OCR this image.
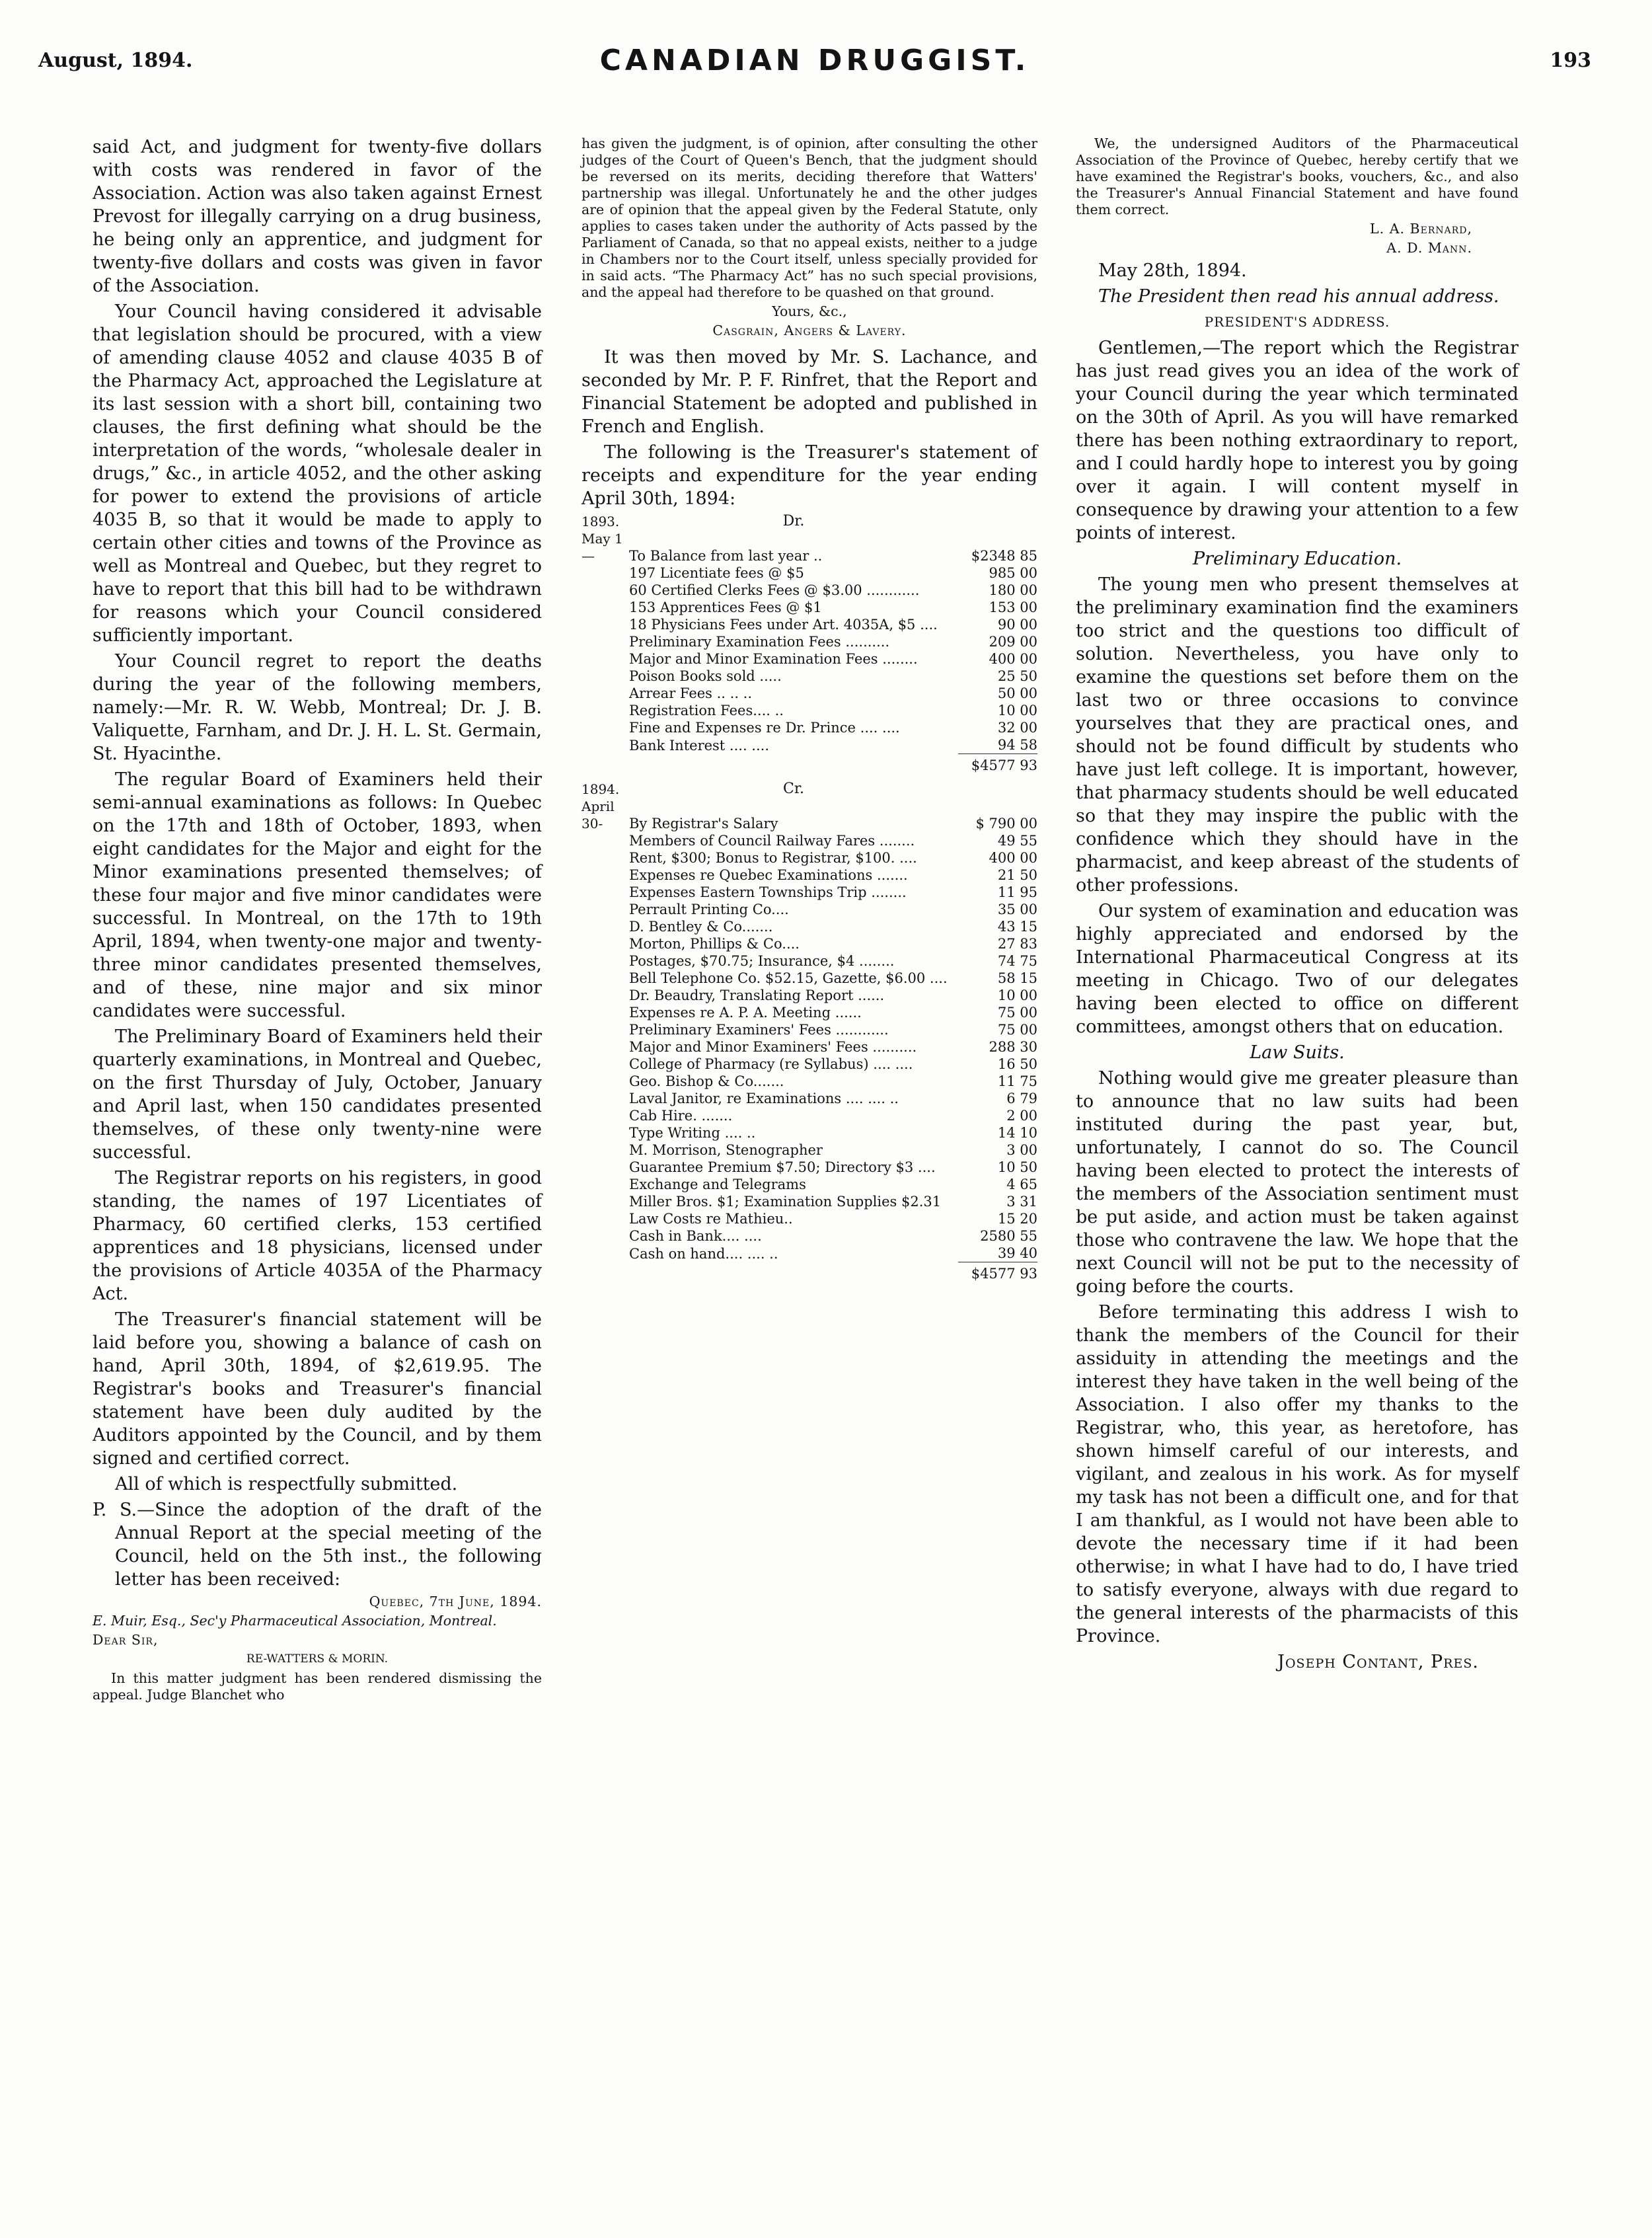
August, 1894.	CANADIAN DRUGGIST.	193

said Act, and judgment for twenty-five dollars with costs was rendered in favor of the Association. Action was also taken against Ernest Prevost for illegally carrying on a drug business, he being only an apprentice, and judgment for twenty-five dollars and costs was given in favor of the Association.

Your Council having considered it advisable that legislation should be procured, with a view of amending clause 4052 and clause 4035 B of the Pharmacy Act, approached the Legislature at its last session with a short bill, containing two clauses, the first defining what should be the interpretation of the words, “wholesale dealer in drugs,” &c., in article 4052, and the other asking for power to extend the provisions of article 4035 B, so that it would be made to apply to certain other cities and towns of the Province as well as Montreal and Quebec, but they regret to have to report that this bill had to be withdrawn for reasons which your Council considered sufficiently important.

Your Council regret to report the deaths during the year of the following members, namely:—Mr. R. W. Webb, Montreal; Dr. J. B. Valiquette, Farnham, and Dr. J. H. L. St. Germain, St. Hyacinthe.

The regular Board of Examiners held their semi-annual examinations as follows: In Quebec on the 17th and 18th of October, 1893, when eight candidates for the Major and eight for the Minor examinations presented themselves; of these four major and five minor candidates were successful. In Montreal, on the 17th to 19th April, 1894, when twenty-one major and twenty-three minor candidates presented themselves, and of these, nine major and six minor candidates were successful.

The Preliminary Board of Examiners held their quarterly examinations, in Montreal and Quebec, on the first Thursday of July, October, January and April last, when 150 candidates presented themselves, of these only twenty-nine were successful.

The Registrar reports on his registers, in good standing, the names of 197 Licentiates of Pharmacy, 60 certified clerks, 153 certified apprentices and 18 physicians, licensed under the provisions of Article 4035A of the Pharmacy Act.

The Treasurer's financial statement will be laid before you, showing a balance of cash on hand, April 30th, 1894, of $2,619.95. The Registrar's books and Treasurer's financial statement have been duly audited by the Auditors appointed by the Council, and by them signed and certified correct.

All of which is respectfully submitted.

P. S.—Since the adoption of the draft of the Annual Report at the special meeting of the Council, held on the 5th inst., the following letter has been received:

Quebec, 7th June, 1894.

E. Muir, Esq., Sec'y Pharmaceutical Association, Montreal.

Dear Sir,

RE-WATTERS & MORIN.

In this matter judgment has been rendered dismissing the appeal. Judge Blanchet who

has given the judgment, is of opinion, after consulting the other judges of the Court of Queen's Bench, that the judgment should be reversed on its merits, deciding therefore that Watters' partnership was illegal. Unfortunately he and the other judges are of opinion that the appeal given by the Federal Statute, only applies to cases taken under the authority of Acts passed by the Parliament of Canada, so that no appeal exists, neither to a judge in Chambers nor to the Court itself, unless specially provided for in said acts. “The Pharmacy Act” has no such special provisions, and the appeal had therefore to be quashed on that ground.

Yours, &c.,

Casgrain, Angers & Lavery.

It was then moved by Mr. S. Lachance, and seconded by Mr. P. F. Rinfret, that the Report and Financial Statement be adopted and published in French and English.

The following is the Treasurer's statement of receipts and expenditure for the year ending April 30th, 1894:

1893.	Dr.	
May 1—	To Balance from last year ..	$2348 85
	197 Licentiate fees @ $5	985 00
	60 Certified Clerks Fees @ $3.00 ............	180 00
	153 Apprentices Fees @ $1	153 00
	18 Physicians Fees under Art. 4035A, $5 ....	90 00
	Preliminary Examination Fees ..........	209 00
	Major and Minor Examination Fees ........	400 00
	Poison Books sold .....	25 50
	Arrear Fees .. .. ..	50 00
	Registration Fees.... ..	10 00
	Fine and Expenses re Dr. Prince .... ....	32 00
	Bank Interest .... ....	94 58
		$4577 93
1894.	Cr.	
April 30-	By Registrar's Salary	$ 790 00
	Members of Council Railway Fares ........	49 55
	Rent, $300; Bonus to Registrar, $100. ....	400 00
	Expenses re Quebec Examinations .......	21 50
	Expenses Eastern Townships Trip ........	11 95
	Perrault Printing Co....	35 00
	D. Bentley & Co.......	43 15
	Morton, Phillips & Co....	27 83
	Postages, $70.75; Insurance, $4 ........	74 75
	Bell Telephone Co. $52.15, Gazette, $6.00 ....	58 15
	Dr. Beaudry, Translating Report ......	10 00
	Expenses re A. P. A. Meeting ......	75 00
	Preliminary Examiners' Fees ............	75 00
	Major and Minor Examiners' Fees ..........	288 30
	College of Pharmacy (re Syllabus) .... ....	16 50
	Geo. Bishop & Co.......	11 75
	Laval Janitor, re Examinations .... .... ..	6 79
	Cab Hire. .......	2 00
	Type Writing .... ..	14 10
	M. Morrison, Stenographer	3 00
	Guarantee Premium $7.50; Directory $3 ....	10 50
	Exchange and Telegrams	4 65
	Miller Bros. $1; Examination Supplies $2.31	3 31
	Law Costs re Mathieu..	15 20
	Cash in Bank.... ....	2580 55
	Cash on hand.... .... ..	39 40
		$4577 93

We, the undersigned Auditors of the Pharmaceutical Association of the Province of Quebec, hereby certify that we have examined the Registrar's books, vouchers, &c., and also the Treasurer's Annual Financial Statement and have found them correct.

L. A. Bernard,

A. D. Mann.

May 28th, 1894.

The President then read his annual address.

PRESIDENT'S ADDRESS.

Gentlemen,—The report which the Registrar has just read gives you an idea of the work of your Council during the year which terminated on the 30th of April. As you will have remarked there has been nothing extraordinary to report, and I could hardly hope to interest you by going over it again. I will content myself in consequence by drawing your attention to a few points of interest.

Preliminary Education.

The young men who present themselves at the preliminary examination find the examiners too strict and the questions too difficult of solution. Nevertheless, you have only to examine the questions set before them on the last two or three occasions to convince yourselves that they are practical ones, and should not be found difficult by students who have just left college. It is important, however, that pharmacy students should be well educated so that they may inspire the public with the confidence which they should have in the pharmacist, and keep abreast of the students of other professions.

Our system of examination and education was highly appreciated and endorsed by the International Pharmaceutical Congress at its meeting in Chicago. Two of our delegates having been elected to office on different committees, amongst others that on education.

Law Suits.

Nothing would give me greater pleasure than to announce that no law suits had been instituted during the past year, but, unfortunately, I cannot do so. The Council having been elected to protect the interests of the members of the Association sentiment must be put aside, and action must be taken against those who contravene the law. We hope that the next Council will not be put to the necessity of going before the courts.

Before terminating this address I wish to thank the members of the Council for their assiduity in attending the meetings and the interest they have taken in the well being of the Association. I also offer my thanks to the Registrar, who, this year, as heretofore, has shown himself careful of our interests, and vigilant, and zealous in his work. As for myself my task has not been a difficult one, and for that I am thankful, as I would not have been able to devote the necessary time if it had been otherwise; in what I have had to do, I have tried to satisfy everyone, always with due regard to the general interests of the pharmacists of this Province.

Joseph Contant, Pres.
